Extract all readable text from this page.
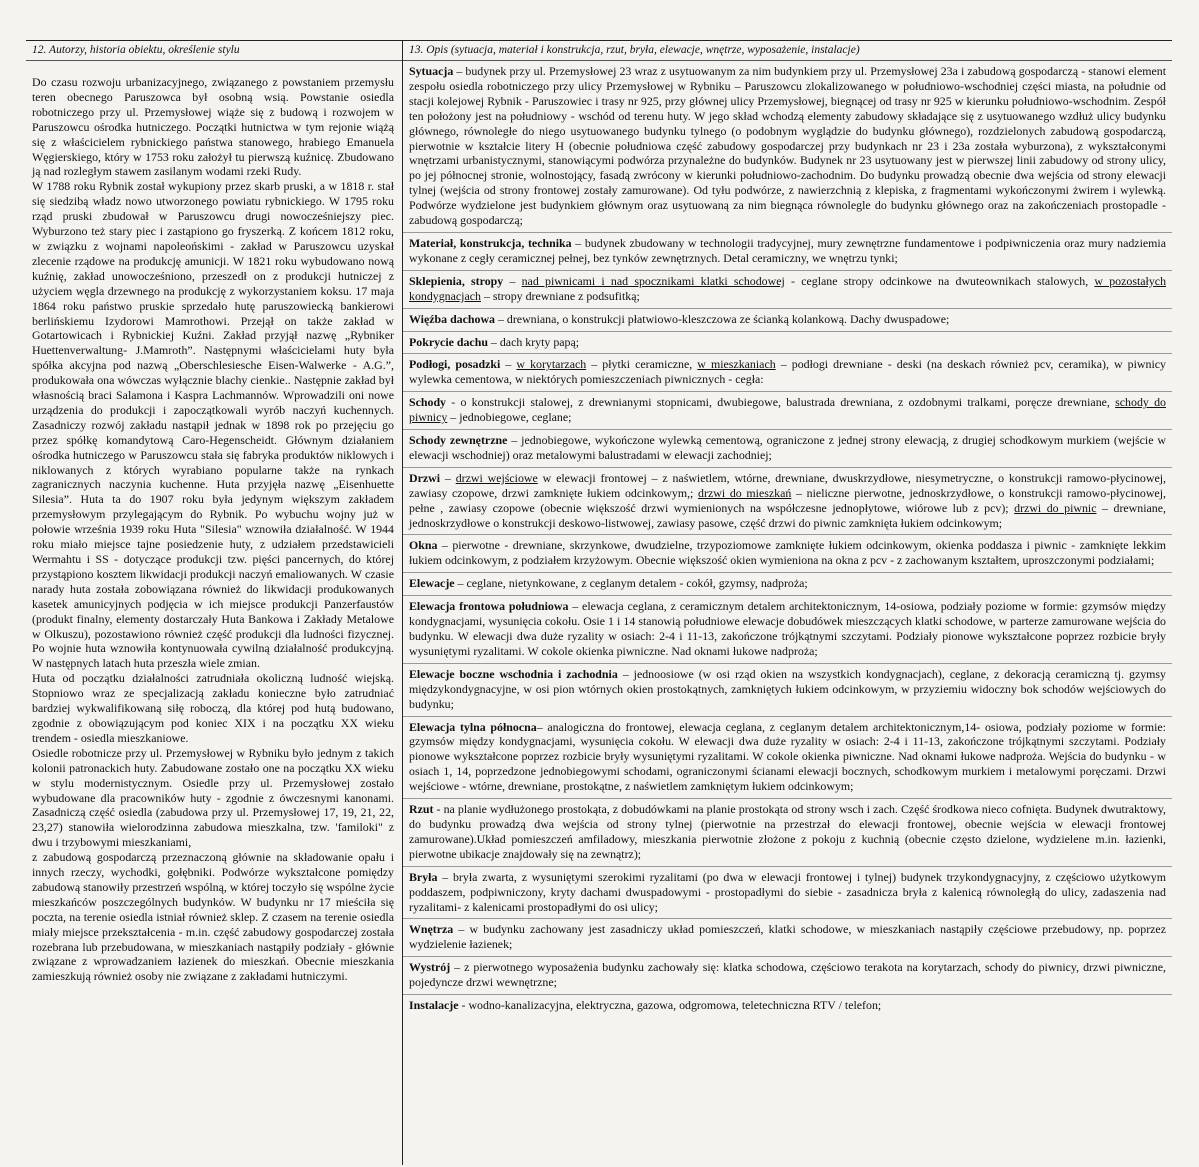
12. Autorzy, historia obiektu, określenie stylu

Do czasu rozwoju urbanizacyjnego, związanego z powstaniem przemysłu teren obecnego Paruszowca był osobną wsią. Powstanie osiedla robotniczego przy ul. Przemysłowej wiąże się z budową i rozwojem w Paruszowcu ośrodka hutniczego. Początki hutnictwa w tym rejonie wiążą się z właścicielem rybnickiego państwa stanowego, hrabiego Emanuela Węgierskiego, który w 1753 roku założył tu pierwszą kuźnicę. Zbudowano ją nad rozległym stawem zasilanym wodami rzeki Rudy.

W 1788 roku Rybnik został wykupiony przez skarb pruski, a w 1818 r. stał się siedzibą władz nowo utworzonego powiatu rybnickiego. W 1795 roku rząd pruski zbudował w Paruszowcu drugi nowocześniejszy piec. Wyburzono też stary piec i zastąpiono go fryszerką. Z końcem 1812 roku, w związku z wojnami napoleońskimi - zakład w Paruszowcu uzyskał zlecenie rządowe na produkcję amunicji. W 1821 roku wybudowano nową kuźnię, zakład unowocześniono, przeszedł on z produkcji hutniczej z użyciem węgla drzewnego na produkcję z wykorzystaniem koksu. 17 maja 1864 roku państwo pruskie sprzedało hutę paruszowiecką bankierowi berlińskiemu Izydorowi Mamrothowi. Przejął on także zakład w Gotartowicach i Rybnickiej Kuźni. Zakład przyjął nazwę „Rybniker Huettenverwaltung- J.Mamroth”. Następnymi właścicielami huty była spółka akcyjna pod nazwą „Oberschlesiesche Eisen-Walwerke - A.G.”, produkowała ona wówczas wyłącznie blachy cienkie.. Następnie zakład był własnością braci Salamona i Kaspra Lachmannów. Wprowadzili oni nowe urządzenia do produkcji i zapoczątkowali wyrób naczyń kuchennych. Zasadniczy rozwój zakładu nastąpił jednak w 1898 rok po przejęciu go przez spółkę komandytową Caro-Hegenscheidt. Głównym działaniem ośrodka hutniczego w Paruszowcu stała się fabryka produktów niklowych i niklowanych z których wyrabiano popularne także na rynkach zagranicznych naczynia kuchenne. Huta przyjęła nazwę „Eisenhuette Silesia”. Huta ta do 1907 roku była jedynym większym zakładem przemysłowym przylegającym do Rybnik. Po wybuchu wojny już w połowie września 1939 roku Huta "Silesia" wznowiła działalność. W 1944 roku miało miejsce tajne posiedzenie huty, z udziałem przedstawicieli Wermahtu i SS - dotyczące produkcji tzw. pięści pancernych, do której przystąpiono kosztem likwidacji produkcji naczyń emaliowanych. W czasie narady huta została zobowiązana również do likwidacji produkowanych kasetek amunicyjnych podjęcia w ich miejsce produkcji Panzerfaustów (produkt finalny, elementy dostarczały Huta Bankowa i Zakłady Metalowe w Olkuszu), pozostawiono również część produkcji dla ludności fizycznej. Po wojnie huta wznowiła kontynuowała cywilną działalność produkcyjną. W następnych latach huta przeszła wiele zmian.

Huta od początku działalności zatrudniała okoliczną ludność wiejską. Stopniowo wraz ze specjalizacją zakładu konieczne było zatrudniać bardziej wykwalifikowaną siłę roboczą, dla której pod hutą budowano, zgodnie z obowiązującym pod koniec XIX i na początku XX wieku trendem - osiedla mieszkaniowe.

Osiedle robotnicze przy ul. Przemysłowej w Rybniku było jednym z takich kolonii patronackich huty. Zabudowane zostało one na początku XX wieku w stylu modernistycznym. Osiedle przy ul. Przemysłowej zostało wybudowane dla pracowników huty - zgodnie z ówczesnymi kanonami. Zasadniczą część osiedla (zabudowa przy ul. Przemysłowej 17, 19, 21, 22, 23,27) stanowiła wielorodzinna zabudowa mieszkalna, tzw. 'familoki" z dwu i trzybowymi mieszkaniami,

z zabudową gospodarczą przeznaczoną głównie na składowanie opału i innych rzeczy, wychodki, gołębniki. Podwórze wykształcone pomiędzy zabudową stanowiły przestrzeń wspólną, w której toczyło się wspólne życie mieszkańców poszczególnych budynków. W budynku nr 17 mieściła się poczta, na terenie osiedla istniał również sklep. Z czasem na terenie osiedla miały miejsce przekształcenia - m.in. część zabudowy gospodarczej została rozebrana lub przebudowana, w mieszkaniach nastąpiły podziały - głównie związane z wprowadzaniem łazienek do mieszkań. Obecnie mieszkania zamieszkują również osoby nie związane z zakładami hutniczymi.

13. Opis (sytuacja, materiał i konstrukcja, rzut, bryła, elewacje, wnętrze, wyposażenie, instalacje)
Sytuacja – budynek przy ul. Przemysłowej 23 wraz z usytuowanym za nim budynkiem przy ul. Przemysłowej 23a i zabudową gospodarczą - stanowi element zespołu osiedla robotniczego przy ulicy Przemysłowej w Rybniku – Paruszowcu zlokalizowanego w południowo-wschodniej części miasta, na południe od stacji kolejowej Rybnik - Paruszowiec i trasy nr 925, przy głównej ulicy Przemysłowej, biegnącej od trasy nr 925 w kierunku południowo-wschodnim. Zespół ten położony jest na południowy - wschód od terenu huty. W jego skład wchodzą elementy zabudowy składające się z usytuowanego wzdłuż ulicy budynku głównego, równoległe do niego usytuowanego budynku tylnego (o podobnym wyglądzie do budynku głównego), rozdzielonych zabudową gospodarczą, pierwotnie w kształcie litery H (obecnie południowa część zabudowy gospodarczej przy budynkach nr 23 i 23a została wyburzona), z wykształconymi wnętrzami urbanistycznymi, stanowiącymi podwórza przynależne do budynków. Budynek nr 23 usytuowany jest w pierwszej linii zabudowy od strony ulicy, po jej północnej stronie, wolnostojący, fasadą zwrócony w kierunki południowo-zachodnim. Do budynku prowadzą obecnie dwa wejścia od strony elewacji tylnej (wejścia od strony frontowej zostały zamurowane). Od tyłu podwórze, z nawierzchnią z klepiska, z fragmentami wykończonymi żwirem i wylewką. Podwórze wydzielone jest budynkiem głównym oraz usytuowaną za nim biegnąca równolegle do budynku głównego oraz na zakończeniach prostopadle - zabudową gospodarczą;
Materiał, konstrukcja, technika – budynek zbudowany w technologii tradycyjnej, mury zewnętrzne fundamentowe i podpiwniczenia oraz mury nadziemia wykonane z cegły ceramicznej pełnej, bez tynków zewnętrznych. Detal ceramiczny, we wnętrzu tynki;
Sklepienia, stropy – nad piwnicami i nad spocznikami klatki schodowej - ceglane stropy odcinkowe na dwuteownikach stalowych, w pozostałych kondygnacjach – stropy drewniane z podsufitką;
Więźba dachowa – drewniana, o konstrukcji płatwiowo-kleszczowa ze ścianką kolankową. Dachy dwuspadowe;
Pokrycie dachu – dach kryty papą;
Podłogi, posadzki – w korytarzach – płytki ceramiczne, w mieszkaniach – podłogi drewniane - deski (na deskach również pcv, ceramika), w piwnicy wylewka cementowa, w niektórych pomieszczeniach piwnicznych - cegła:
Schody - o konstrukcji stalowej, z drewnianymi stopnicami, dwubiegowe, balustrada drewniana, z ozdobnymi tralkami, poręcze drewniane, schody do piwnicy – jednobiegowe, ceglane;
Schody zewnętrzne – jednobiegowe, wykończone wylewką cementową, ograniczone z jednej strony elewacją, z drugiej schodkowym murkiem (wejście w elewacji wschodniej) oraz metalowymi balustradami w elewacji zachodniej;
Drzwi – drzwi wejściowe w elewacji frontowej – z naświetlem, wtórne, drewniane, dwuskrzydłowe, niesymetryczne, o konstrukcji ramowo-płycinowej, zawiasy czopowe, drzwi zamknięte łukiem odcinkowym,; drzwi do mieszkań – nieliczne pierwotne, jednoskrzydłowe, o konstrukcji ramowo-płycinowej, pełne , zawiasy czopowe (obecnie większość drzwi wymienionych na współczesne jednopłytowe, wiórowe lub z pcv); drzwi do piwnic – drewniane, jednoskrzydłowe o konstrukcji deskowo-listwowej, zawiasy pasowe, część drzwi do piwnic zamknięta łukiem odcinkowym;
Okna – pierwotne - drewniane, skrzynkowe, dwudzielne, trzypoziomowe zamknięte łukiem odcinkowym, okienka poddasza i piwnic - zamknięte lekkim łukiem odcinkowym, z podziałem krzyżowym. Obecnie większość okien wymieniona na okna z pcv - z zachowanym kształtem, uproszczonymi podziałami;
Elewacje – ceglane, nietynkowane, z ceglanym detalem - cokół, gzymsy, nadproża;
Elewacja frontowa południowa – elewacja ceglana, z ceramicznym detalem architektonicznym, 14-osiowa, podziały poziome w formie: gzymsów między kondygnacjami, wysunięcia cokołu. Osie 1 i 14 stanowią południowe elewacje dobudówek mieszczących klatki schodowe, w parterze zamurowane wejścia do budynku. W elewacji dwa duże ryzality w osiach: 2-4 i 11-13, zakończone trójkątnymi szczytami. Podziały pionowe wykształcone poprzez rozbicie bryły wysuniętymi ryzalitami. W cokole okienka piwniczne. Nad oknami łukowe nadproża;
Elewacje boczne wschodnia i zachodnia – jednoosiowe (w osi rząd okien na wszystkich kondygnacjach), ceglane, z dekoracją ceramiczną tj. gzymsy międzykondygnacyjne, w osi pion wtórnych okien prostokątnych, zamkniętych łukiem odcinkowym, w przyziemiu widoczny bok schodów wejściowych do budynku;
Elewacja tylna północna– analogiczna do frontowej, elewacja ceglana, z ceglanym detalem architektonicznym,14- osiowa, podziały poziome w formie: gzymsów między kondygnacjami, wysunięcia cokołu. W elewacji dwa duże ryzality w osiach: 2-4 i 11-13, zakończone trójkątnymi szczytami. Podziały pionowe wykształcone poprzez rozbicie bryły wysuniętymi ryzalitami. W cokole okienka piwniczne. Nad oknami łukowe nadproża. Wejścia do budynku - w osiach 1, 14, poprzedzone jednobiegowymi schodami, ograniczonymi ścianami elewacji bocznych, schodkowym murkiem i metalowymi poręczami. Drzwi wejściowe - wtórne, drewniane, prostokątne, z naświetlem zamkniętym łukiem odcinkowym;
Rzut - na planie wydłużonego prostokąta, z dobudówkami na planie prostokąta od strony wsch i zach. Część środkowa nieco cofnięta. Budynek dwutraktowy, do budynku prowadzą dwa wejścia od strony tylnej (pierwotnie na przestrzał do elewacji frontowej, obecnie wejścia w elewacji frontowej zamurowane).Układ pomieszczeń amfiladowy, mieszkania pierwotnie złożone z pokoju z kuchnią (obecnie często dzielone, wydzielene m.in. łazienki, pierwotne ubikacje znajdowały się na zewnątrz);
Bryła – bryła zwarta, z wysuniętymi szerokimi ryzalitami (po dwa w elewacji frontowej i tylnej) budynek trzykondygnacyjny, z częściowo użytkowym poddaszem, podpiwniczony, kryty dachami dwuspadowymi - prostopadłymi do siebie - zasadnicza bryła z kalenicą równoległą do ulicy, zadaszenia nad ryzalitami- z kalenicami prostopadłymi do osi ulicy;
Wnętrza – w budynku zachowany jest zasadniczy układ pomieszczeń, klatki schodowe, w mieszkaniach nastąpiły częściowe przebudowy, np. poprzez wydzielenie łazienek;
Wystrój – z pierwotnego wyposażenia budynku zachowały się: klatka schodowa, częściowo terakota na korytarzach, schody do piwnicy, drzwi piwniczne, pojedyncze drzwi wewnętrzne;
Instalacje - wodno-kanalizacyjna, elektryczna, gazowa, odgromowa, teletechniczna RTV / telefon;
